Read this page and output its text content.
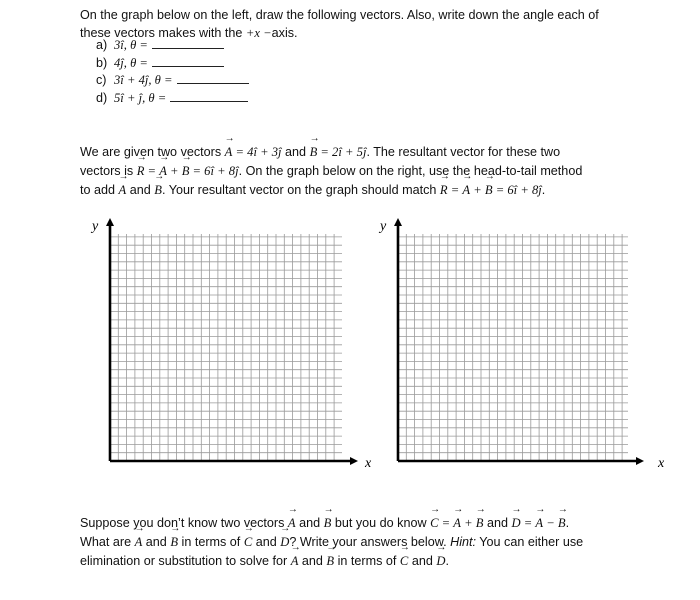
On the graph below on the left, draw the following vectors. Also, write down the angle each of
these vectors makes with the +x −axis.
a) 3î, θ =
b) 4ĵ, θ =
c) 3î + 4ĵ, θ =
d) 5î + ĵ, θ =
We are given two vectors → A = 4î + 3ĵ and → B = 2î + 5ĵ. The resultant vector for these two
vectors is → R = → A + → B = 6î + 8ĵ. On the graph below on the right, use the head-to-tail method
to add → A and → B. Your resultant vector on the graph should match → R = → A + → B = 6î + 8ĵ.
y
x
y
x
Suppose you don’t know two vectors → A and → B but you do know → C = → A + → B and → D = → A − → B.
What are → A and → B in terms of → C and → D? Write your answers below. Hint: You can either use
elimination or substitution to solve for → A and → B in terms of → C and → D.
